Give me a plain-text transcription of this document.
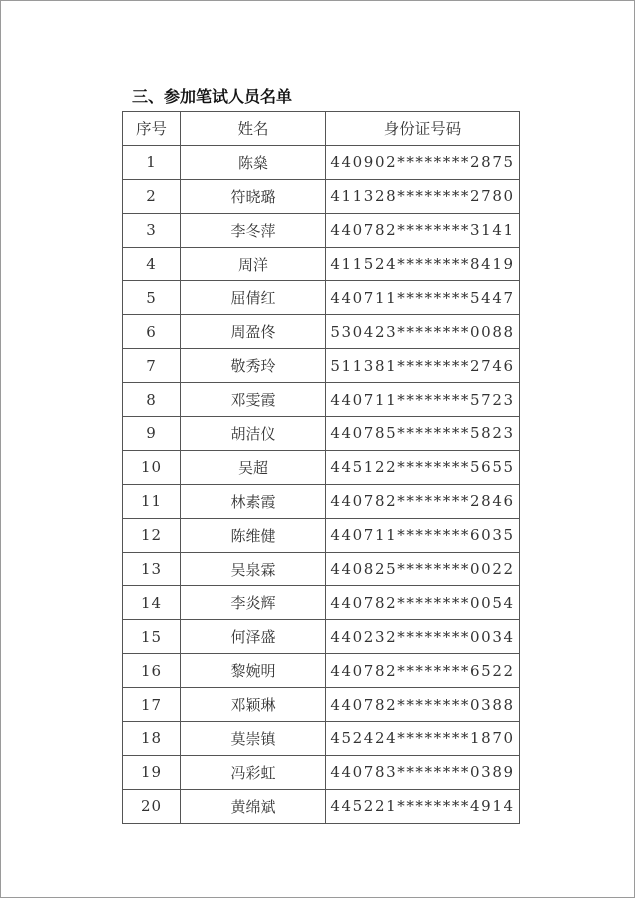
三、参加笔试人员名单
序号	姓名	身份证号码
1	陈燊	440902********2875
2	符晓璐	411328********2780
3	李冬萍	440782********3141
4	周洋	411524********8419
5	屈倩红	440711********5447
6	周盈佟	530423********0088
7	敬秀玲	511381********2746
8	邓雯霞	440711********5723
9	胡洁仪	440785********5823
10	吴超	445122********5655
11	林素霞	440782********2846
12	陈维健	440711********6035
13	吴泉霖	440825********0022
14	李炎辉	440782********0054
15	何泽盛	440232********0034
16	黎婉明	440782********6522
17	邓颖琳	440782********0388
18	莫崇镇	452424********1870
19	冯彩虹	440783********0389
20	黄绵斌	445221********4914
